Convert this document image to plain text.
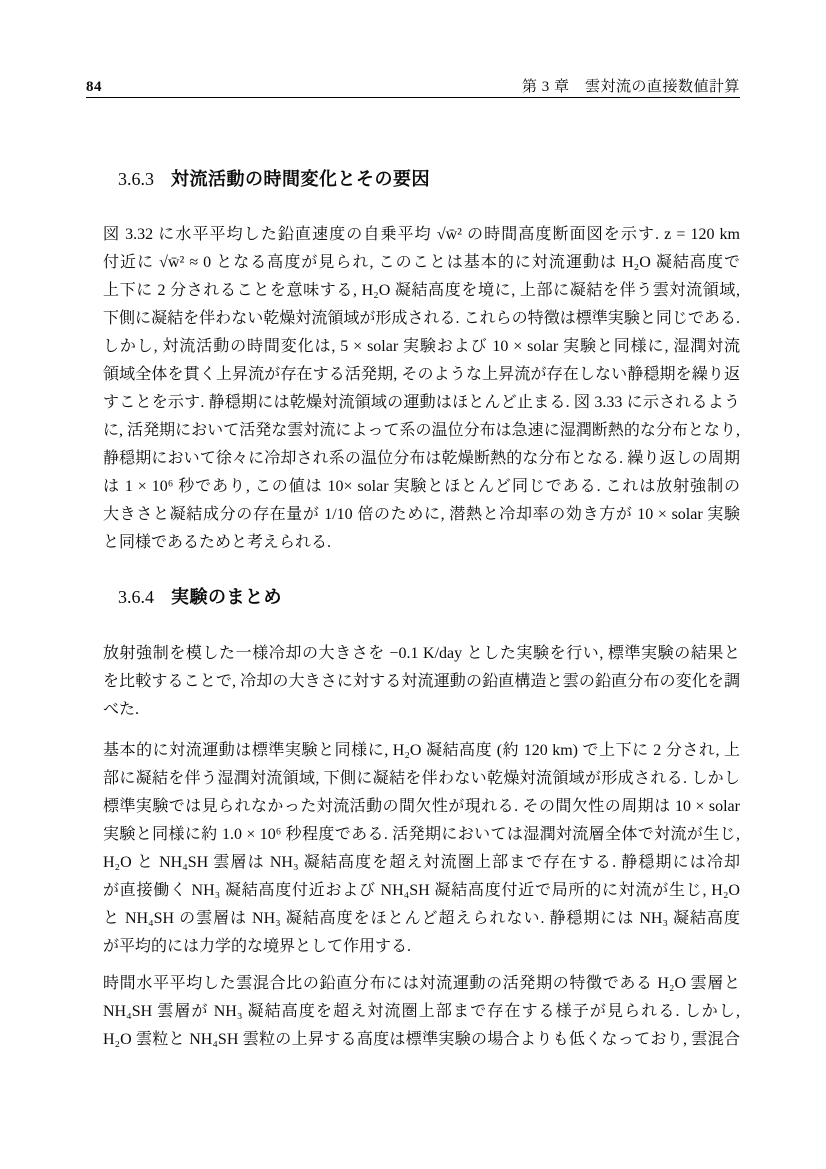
84	第 3 章　雲対流の直接数値計算
3.6.3 対流活動の時間変化とその要因
図 3.32 に水平平均した鉛直速度の自乗平均 √w̄² の時間高度断面図を示す. z = 120 km
付近に √w̄² ≈ 0 となる高度が見られ, このことは基本的に対流運動は H₂O 凝結高度で
上下に 2 分されることを意味する, H₂O 凝結高度を境に, 上部に凝結を伴う雲対流領域,
下側に凝結を伴わない乾燥対流領域が形成される. これらの特徴は標準実験と同じである.
しかし, 対流活動の時間変化は, 5 × solar 実験および 10 × solar 実験と同様に, 湿潤対流
領域全体を貫く上昇流が存在する活発期, そのような上昇流が存在しない静穏期を繰り返
すことを示す. 静穏期には乾燥対流領域の運動はほとんど止まる. 図 3.33 に示されるよう
に, 活発期において活発な雲対流によって系の温位分布は急速に湿潤断熱的な分布となり,
静穏期において徐々に冷却され系の温位分布は乾燥断熱的な分布となる. 繰り返しの周期
は 1 × 10⁶ 秒であり, この値は 10× solar 実験とほとんど同じである. これは放射強制の
大きさと凝結成分の存在量が 1/10 倍のために, 潜熱と冷却率の効き方が 10 × solar 実験
と同様であるためと考えられる.
3.6.4 実験のまとめ
放射強制を模した一様冷却の大きさを −0.1 K/day とした実験を行い, 標準実験の結果と
を比較することで, 冷却の大きさに対する対流運動の鉛直構造と雲の鉛直分布の変化を調
べた.
基本的に対流運動は標準実験と同様に, H₂O 凝結高度 (約 120 km) で上下に 2 分され, 上
部に凝結を伴う湿潤対流領域, 下側に凝結を伴わない乾燥対流領域が形成される. しかし
標準実験では見られなかった対流活動の間欠性が現れる. その間欠性の周期は 10 × solar
実験と同様に約 1.0 × 10⁶ 秒程度である. 活発期においては湿潤対流層全体で対流が生じ,
H₂O と NH₄SH 雲層は NH₃ 凝結高度を超え対流圏上部まで存在する. 静穏期には冷却
が直接働く NH₃ 凝結高度付近および NH₄SH 凝結高度付近で局所的に対流が生じ, H₂O
と NH₄SH の雲層は NH₃ 凝結高度をほとんど超えられない. 静穏期には NH₃ 凝結高度
が平均的には力学的な境界として作用する.
時間水平平均した雲混合比の鉛直分布には対流運動の活発期の特徴である H₂O 雲層と
NH₄SH 雲層が NH₃ 凝結高度を超え対流圏上部まで存在する様子が見られる. しかし,
H₂O 雲粒と NH₄SH 雲粒の上昇する高度は標準実験の場合よりも低くなっており, 雲混合
